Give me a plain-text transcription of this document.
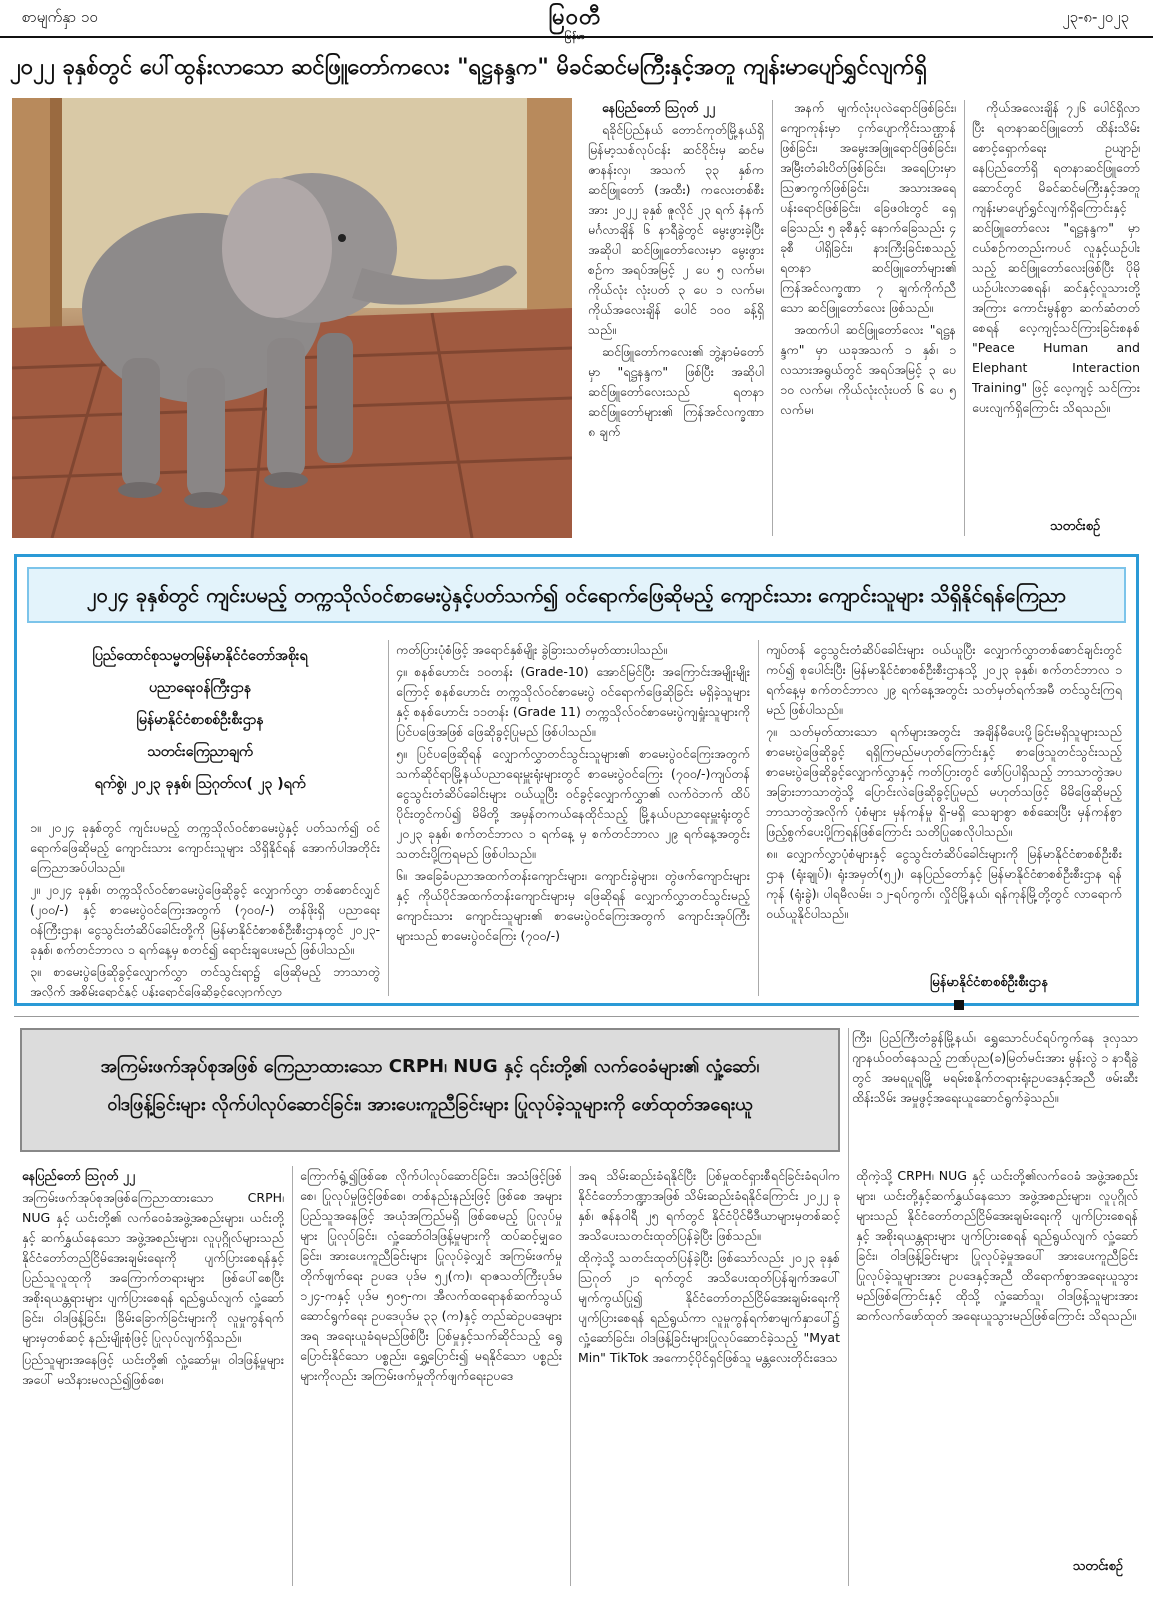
စာမျက်နှာ ၁၀	မြဝတီ
မြန်မာ
၂၃-၈-၂၀၂၃
၂၀၂၂ ခုနှစ်တွင် ပေါ်ထွန်းလာသော ဆင်ဖြူတော်ကလေး "ရဋ္ဌနန္ဒက" မိခင်ဆင်မကြီးနှင့်အတူ ကျန်းမာပျော်ရွှင်လျက်ရှိ

နေပြည်တော် ဩဂုတ် ၂၂

ရခိုင်ပြည်နယ် တောင်ကုတ်မြို့နယ်ရှိ မြန်မာ့သစ်လုပ်ငန်း ဆင်ဝိုင်းမှ ဆင်မ ဇာနန်းလှ၊ အသက် ၃၃ နှစ်က ဆင်ဖြူတော် (အထီး) ကလေးတစ်စီးအား ၂၀၂၂ ခုနှစ် ဇူလိုင် ၂၃ ရက် နံနက် မင်္ဂလာချိန် ၆ နာရီခွဲတွင် မွေးဖွားခဲ့ပြီး အဆိုပါ ဆင်ဖြူတော်လေးမှာ မွေးဖွားစဉ်က အရပ်အမြင့် ၂ ပေ ၅ လက်မ၊ ကိုယ်လုံး လုံးပတ် ၃ ပေ ၁ လက်မ၊ ကိုယ်အလေးချိန် ပေါင် ၁၀၀ ခန့်ရှိသည်။

ဆင်ဖြူတော်ကလေး၏ ဘွဲ့နာမံတော်မှာ "ရဋ္ဌနန္ဒက" ဖြစ်ပြီး အဆိုပါ ဆင်ဖြူတော်လေးသည် ရတနာ ဆင်ဖြူတော်များ၏ ကြန်အင်လက္ခဏာ ၈ ချက်

အနက် မျက်လုံးပုလဲရောင်ဖြစ်ခြင်း၊ ကျောကုန်းမှာ ငှက်ပျောကိုင်းသဏ္ဌာန်ဖြစ်ခြင်း၊ အမွေးအဖြူရောင်ဖြစ်ခြင်း၊ အမြီးတံခါးပိတ်ဖြစ်ခြင်း၊ အရေပြားမှာ ဩဇာကွက်ဖြစ်ခြင်း၊ အသားအရေ ပန်းရောင်ဖြစ်ခြင်း၊ ခြေဖဝါးတွင် ရှေ့ခြေသည်း ၅ ခုစီနှင့် နောက်ခြေသည်း ၄ ခုစီ ပါရှိခြင်း၊ နားကြီးခြင်းစသည့် ရတနာ ဆင်ဖြူတော်များ၏ ကြန်အင်လက္ခဏာ ၇ ချက်ကိုက်ညီသော ဆင်ဖြူတော်လေး ဖြစ်သည်။

အထက်ပါ ဆင်ဖြူတော်လေး "ရဋ္ဌနန္ဒက" မှာ ယခုအသက် ၁ နှစ်၊ ၁ လသားအရွယ်တွင် အရပ်အမြင့် ၃ ပေ ၁၀ လက်မ၊ ကိုယ်လုံးလုံးပတ် ၆ ပေ ၅ လက်မ၊

ကိုယ်အလေးချိန် ၇၂၆ ပေါင်ရှိလာပြီး ရတနာဆင်ဖြူတော် ထိန်းသိမ်း စောင့်ရှောက်ရေး ဥယျာဉ်၊ နေပြည်တော်ရှိ ရတနာဆင်ဖြူတော်ဆောင်တွင် မိခင်ဆင်မကြီးနှင့်အတူ ကျန်းမာပျော်ရွှင်လျက်ရှိကြောင်းနှင့် ဆင်ဖြူတော်လေး "ရဋ္ဌနန္ဒက" မှာ ငယ်စဉ်ကတည်းကပင် လူနှင့်ယဉ်ပါးသည့် ဆင်ဖြူတော်လေးဖြစ်ပြီး ပိုမိုယဉ်ပါးလာစေရန်၊ ဆင်နှင့်လူသားတို့အကြား ကောင်းမွန်စွာ ဆက်ဆံတတ်စေရန် လေ့ကျင့်သင်ကြားခြင်းစနစ် "Peace Human and Elephant Interaction Training" ဖြင့် လေ့ကျင့် သင်ကြားပေးလျက်ရှိကြောင်း သိရသည်။

သတင်းစဉ်
၂၀၂၄ ခုနှစ်တွင် ကျင်းပမည့် တက္ကသိုလ်ဝင်စာမေးပွဲနှင့်ပတ်သက်၍ ဝင်ရောက်ဖြေဆိုမည့် ကျောင်းသား ကျောင်းသူများ သိရှိနိုင်ရန်ကြေညာ
ပြည်ထောင်စုသမ္မတမြန်မာနိုင်ငံတော်အစိုးရ
ပညာရေးဝန်ကြီးဌာန
မြန်မာနိုင်ငံစာစစ်ဦးစီးဌာန
သတင်းကြေညာချက်
ရက်စွဲ၊ ၂၀၂၃ ခုနှစ်၊ ဩဂုတ်လ( ၂၃ )ရက်

၁။ ၂၀၂၄ ခုနှစ်တွင် ကျင်းပမည့် တက္ကသိုလ်ဝင်စာမေးပွဲနှင့် ပတ်သက်၍ ဝင်ရောက်ဖြေဆိုမည့် ကျောင်းသား ကျောင်းသူများ သိရှိနိုင်ရန် အောက်ပါအတိုင်း ကြေညာအပ်ပါသည်။

၂။ ၂၀၂၄ ခုနှစ်၊ တက္ကသိုလ်ဝင်စာမေးပွဲဖြေဆိုခွင့် လျှောက်လွှာ တစ်စောင်လျှင် (၂၀၀/-) နှင့် စာမေးပွဲဝင်ကြေးအတွက် (၇၀၀/-) တန်ဖိုးရှိ ပညာရေးဝန်ကြီးဌာန၊ ငွေသွင်းတံဆိပ်ခေါင်းတို့ကို မြန်မာနိုင်ငံစာစစ်ဦးစီးဌာနတွင် ၂၀၂၃-ခုနှစ်၊ စက်တင်ဘာလ ၁ ရက်နေ့မှ စတင်၍ ရောင်းချပေးမည် ဖြစ်ပါသည်။

၃။ စာမေးပွဲဖြေဆိုခွင့်လျှောက်လွှာ တင်သွင်းရာ၌ ဖြေဆိုမည့် ဘာသာတွဲအလိုက် အစိမ်းရောင်နှင့် ပန်းရောင်ဖြေဆိုခွင့်လျှောက်လွှာ

ကတ်ပြားပုံစံဖြင့် အရောင်နှစ်မျိုး ခွဲခြားသတ်မှတ်ထားပါသည်။

၄။ စနစ်ဟောင်း ၁၀တန်း (Grade-10) အောင်မြင်ပြီး အကြောင်းအမျိုးမျိုးကြောင့် စနစ်ဟောင်း တက္ကသိုလ်ဝင်စာမေးပွဲ ဝင်ရောက်ဖြေဆိုခြင်း မရှိခဲ့သူများနှင့် စနစ်ဟောင်း ၁၁တန်း (Grade 11) တက္ကသိုလ်ဝင်စာမေးပွဲကျရှုံးသူများကို ပြင်ပဖြေအဖြစ် ဖြေဆိုခွင့်ပြုမည် ဖြစ်ပါသည်။

၅။ ပြင်ပဖြေဆိုရန် လျှောက်လွှာတင်သွင်းသူများ၏ စာမေးပွဲဝင်ကြေးအတွက် သက်ဆိုင်ရာမြို့နယ်ပညာရေးမှူးရုံးများတွင် စာမေးပွဲဝင်ကြေး (၇၀၀/-)ကျပ်တန် ငွေသွင်းတံဆိပ်ခေါင်းများ ဝယ်ယူပြီး ဝင်ခွင့်လျှောက်လွှာ၏ လက်ဝဲဘက် ထိပ်ပိုင်းတွင်ကပ်၍ မိမိတို့ အမှန်တကယ်နေထိုင်သည့် မြို့နယ်ပညာရေးမှူးရုံးတွင် ၂၀၂၃ ခုနှစ်၊ စက်တင်ဘာလ ၁ ရက်နေ့ မှ စက်တင်ဘာလ ၂၉ ရက်နေ့အတွင်း သတင်းပို့ကြရမည် ဖြစ်ပါသည်။

၆။ အခြေခံပညာအထက်တန်းကျောင်းများ၊ ကျောင်းခွဲများ၊ တွဲဖက်ကျောင်းများနှင့် ကိုယ်ပိုင်အထက်တန်းကျောင်းများမှ ဖြေဆိုရန် လျှောက်လွှာတင်သွင်းမည့် ကျောင်းသား ကျောင်းသူများ၏ စာမေးပွဲဝင်ကြေးအတွက် ကျောင်းအုပ်ကြီးများသည် စာမေးပွဲဝင်ကြေး (၇၀၀/-)

ကျပ်တန် ငွေသွင်းတံဆိပ်ခေါင်းများ ဝယ်ယူပြီး လျှောက်လွှာတစ်စောင်ချင်းတွင်ကပ်၍ စုပေါင်းပြီး မြန်မာနိုင်ငံစာစစ်ဦးစီးဌာနသို့ ၂၀၂၃ ခုနှစ်၊ စက်တင်ဘာလ ၁ ရက်နေ့မှ စက်တင်ဘာလ ၂၉ ရက်နေ့အတွင်း သတ်မှတ်ရက်အမီ တင်သွင်းကြရမည် ဖြစ်ပါသည်။

၇။ သတ်မှတ်ထားသော ရက်များအတွင်း အချိန်မီပေးပို့ခြင်းမရှိသူများသည် စာမေးပွဲဖြေဆိုခွင့် ရရှိကြမည်မဟုတ်ကြောင်းနှင့် စာဖြေသူတင်သွင်းသည့် စာမေးပွဲဖြေဆိုခွင့်လျှောက်လွှာနှင့် ကတ်ပြားတွင် ဖော်ပြပါရှိသည့် ဘာသာတွဲအပ အခြားဘာသာတွဲသို့ ပြောင်းလဲဖြေဆိုခွင့်ပြုမည် မဟုတ်သဖြင့် မိမိဖြေဆိုမည့် ဘာသာတွဲအလိုက် ပုံစံများ မှန်ကန်မှု ရှိ-မရှိ သေချာစွာ စစ်ဆေးပြီး မှန်ကန်စွာဖြည့်စွက်ပေးပို့ကြရန်ဖြစ်ကြောင်း သတိပြုစေလိုပါသည်။

၈။ လျှောက်လွှာပုံစံများနှင့် ငွေသွင်းတံဆိပ်ခေါင်းများကို မြန်မာနိုင်ငံစာစစ်ဦးစီးဌာန (ရုံးချုပ်)၊ ရုံးအမှတ်(၅၂)၊ နေပြည်တော်နှင့် မြန်မာနိုင်ငံစာစစ်ဦးစီးဌာန ရန်ကုန် (ရုံးခွဲ)၊ ပါရမီလမ်း၊ ၁၂-ရပ်ကွက်၊ လှိုင်မြို့နယ်၊ ရန်ကုန်မြို့တို့တွင် လာရောက်ဝယ်ယူနိုင်ပါသည်။

မြန်မာနိုင်ငံစာစစ်ဦးစီးဌာန
အကြမ်းဖက်အုပ်စုအဖြစ် ကြေညာထားသော CRPH၊ NUG နှင့် ၎င်းတို့၏ လက်ဝေခံများ၏ လှုံ့ဆော်၊
ဝါဒဖြန့်ခြင်းများ လိုက်ပါလုပ်ဆောင်ခြင်း၊ အားပေးကူညီခြင်းများ ပြုလုပ်ခဲ့သူများကို ဖော်ထုတ်အရေးယူ

ကြီး၊ ပြည်ကြီးတံခွန်မြို့နယ်၊ ရွှေသောင်ပင်ရပ်ကွက်နေ ဒုလှသာဂျာနယ်ဝတ်နေသည့် ဉာဏ်ပုည(ခ)မြတ်မင်းအား မွန်းလွဲ ၁ နာရီခွဲတွင် အမရပူရမြို့ မရမ်းစနိုက်တရားရုံးဥပဒေနှင့်အညီ ဖမ်းဆီးထိန်းသိမ်း အမှုဖွင့်အရေးယူဆောင်ရွက်ခဲ့သည်။

နေပြည်တော် ဩဂုတ် ၂၂

အကြမ်းဖက်အုပ်စုအဖြစ်ကြေညာထားသော CRPH၊ NUG နှင့် ယင်းတို့၏ လက်ဝေခံအဖွဲ့အစည်းများ၊ ယင်းတို့နှင့် ဆက်နွှယ်နေသော အဖွဲ့အစည်းများ၊ လူပုဂ္ဂိုလ်များသည် နိုင်ငံတော်တည်ငြိမ်အေးချမ်းရေးကို ပျက်ပြားစေရန်နှင့်ပြည်သူလူထုကို အကြောက်တရားများ ဖြစ်ပေါ်စေပြီး အစိုးရယန္တရားများ ပျက်ပြားစေရန် ရည်ရွယ်လျက် လှုံ့ဆော်ခြင်း၊ ဝါဒဖြန့်ခြင်း၊ ခြိမ်းခြောက်ခြင်းများကို လူမှုကွန်ရက်များမှတစ်ဆင့် နည်းမျိုးစုံဖြင့် ပြုလုပ်လျက်ရှိသည်။

ပြည်သူများအနေဖြင့် ယင်းတို့၏ လှုံ့ဆော်မှု၊ ဝါဒဖြန့်မှုများအပေါ် မသိနားမလည်၍ဖြစ်စေ၊

ကြောက်ရွံ့၍ဖြစ်စေ လိုက်ပါလုပ်ဆောင်ခြင်း၊ အသံဖြင့်ဖြစ်စေ၊ ပြုလုပ်မှုဖြင့်ဖြစ်စေ၊ တစ်နည်းနည်းဖြင့် ဖြစ်စေ အများပြည်သူအနေဖြင့် အယုံအကြည်မရှိ ဖြစ်စေမည့် ပြုလုပ်မှုများ ပြုလုပ်ခြင်း၊ လှုံ့ဆော်ဝါဒဖြန့်မှုများကို ထပ်ဆင့်မျှဝေခြင်း၊ အားပေးကူညီခြင်းများ ပြုလုပ်ခဲ့လျှင် အကြမ်းဖက်မှုတိုက်ဖျက်ရေး ဥပဒေ ပုဒ်မ ၅၂(က)၊ ရာဇသတ်ကြီးပုဒ်မ ၁၂၄-ကနှင့် ပုဒ်မ ၅၀၅-က၊ အီလက်ထရောနစ်ဆက်သွယ်ဆောင်ရွက်ရေး ဥပဒေပုဒ်မ ၃၃ (က)နှင့် တည်ဆဲဥပဒေများအရ အရေးယူခံရမည်ဖြစ်ပြီး ပြစ်မှုနှင့်သက်ဆိုင်သည့် ရွေ့ပြောင်းနိုင်သော ပစ္စည်း၊ ရွှေ့ပြောင်း၍ မရနိုင်သော ပစ္စည်းများကိုလည်း အကြမ်းဖက်မှုတိုက်ဖျက်ရေးဥပဒေ

အရ သိမ်းဆည်းခံရနိုင်ပြီး ပြစ်မှုထင်ရှားစီရင်ခြင်းခံရပါက နိုင်ငံတော်ဘဏ္ဍာအဖြစ် သိမ်းဆည်းခံရနိုင်ကြောင်း ၂၀၂၂ ခုနှစ်၊ ဇန်နဝါရီ ၂၅ ရက်တွင် နိုင်ငံပိုင်မီဒီယာများမှတစ်ဆင့် အသိပေးသတင်းထုတ်ပြန်ခဲ့ပြီး ဖြစ်သည်။

ထိုကဲ့သို့ သတင်းထုတ်ပြန်ခဲ့ပြီး ဖြစ်သော်လည်း ၂၀၂၃ ခုနှစ် ဩဂုတ် ၂၁ ရက်တွင် အသိပေးထုတ်ပြန်ချက်အပေါ် မျက်ကွယ်ပြု၍ နိုင်ငံတော်တည်ငြိမ်အေးချမ်းရေးကို ပျက်ပြားစေရန် ရည်ရွယ်ကာ လူမှုကွန်ရက်စာမျက်နှာပေါ်၌ လှုံ့ဆော်ခြင်း၊ ဝါဒဖြန့်ခြင်းများပြုလုပ်ဆောင်ခဲ့သည့် "Myat Min" TikTok အကောင့်ပိုင်ရှင်ဖြစ်သူ မန္တလေးတိုင်းဒေသ

ထိုကဲ့သို့ CRPH၊ NUG နှင့် ယင်းတို့၏လက်ဝေခံ အဖွဲ့အစည်းများ၊ ယင်းတို့နှင့်ဆက်နွှယ်နေသော အဖွဲ့အစည်းများ၊ လူပုဂ္ဂိုလ်များသည် နိုင်ငံတော်တည်ငြိမ်အေးချမ်းရေးကို ပျက်ပြားစေရန်နှင့် အစိုးရယန္တရားများ ပျက်ပြားစေရန် ရည်ရွယ်လျက် လှုံ့ဆော်ခြင်း၊ ဝါဒဖြန့်ခြင်းများ ပြုလုပ်ခဲ့မှုအပေါ် အားပေးကူညီခြင်းပြုလုပ်ခဲ့သူများအား ဥပဒေနှင့်အညီ ထိရောက်စွာအရေးယူသွားမည်ဖြစ်ကြောင်းနှင့် ထိုသို့ လှုံ့ဆော်သူ၊ ဝါဒဖြန့်သူများအား ဆက်လက်ဖော်ထုတ် အရေးယူသွားမည်ဖြစ်ကြောင်း သိရသည်။

သတင်းစဉ်
